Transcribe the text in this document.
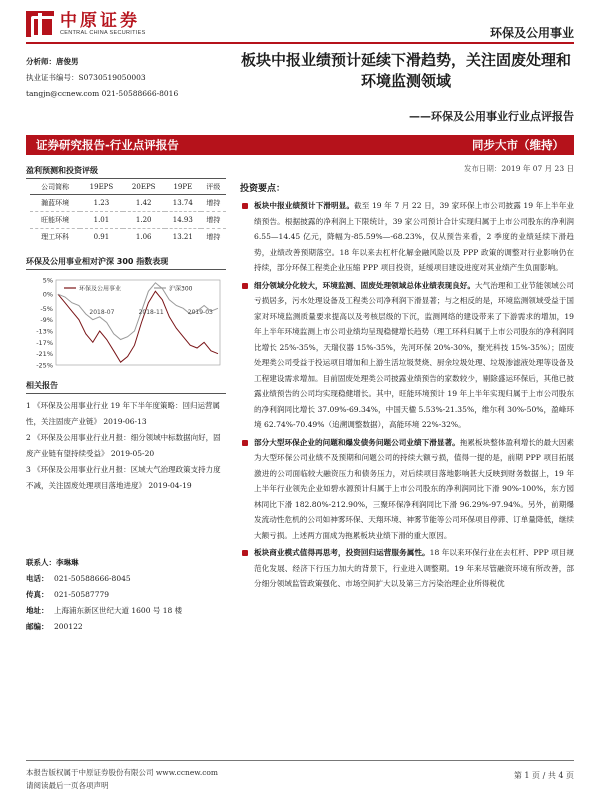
中原证券
CENTRAL CHINA SECURITIES	环保及公用事业
分析师：唐俊男
执业证书编号：S0730519050003
tangjn@ccnew.com 021-50588666-8016
板块中报业绩预计延续下滑趋势，关注固废处理和环境监测领域
——环保及公用事业行业点评报告
证券研究报告-行业点评报告	同步大市（维持）
发布日期：2019 年 07 月 23 日
盈利预测和投资评级
公司简称	19EPS	20EPS	19PE	评级
瀚蓝环境	1.23	1.42	13.74	增持
旺能环境	1.01	1.20	14.93	增持
理工环科	0.91	1.06	13.21	增持
环保及公用事业相对沪深 300 指数表现
5%
0%
-5%
-9%
-13%
-17%
-21%
-25%
环保及公用事业	沪深300
2018-07	2018-11	2019-03
相关报告

1 《环保及公用事业行业 19 年下半年度策略：回归运营属性，关注固废产业链》 2019-06-13

2 《环保及公用事业行业月报：细分领域中标数据向好，固废产业链有望持续受益》 2019-05-20

3 《环保及公用事业行业月报：区域大气治理政策支持力度不减，关注固废处理项目落地进度》 2019-04-19

联系人：李琳琳
电话： 021-50588666-8045
传真： 021-50587779
地址： 上海浦东新区世纪大道 1600 号 18 楼
邮编： 200122
投资要点：
板块中报业绩预计下滑明显。截至 19 年 7 月 22 日，39 家环保上市公司披露 19 年上半年业绩预告。根据披露的净利润上下限统计，39 家公司预计合计实现归属于上市公司股东的净利润 6.55—14.45 亿元，降幅为-85.59%—-68.23%，仅从预告来看，2 季度的业绩延续下滑趋势，业绩改善预期落空。18 年以来去杠杆化解金融风险以及 PPP 政策的调整对行业影响仍在持续，部分环保工程类企业压缩 PPP 项目投资，延缓项目建设进度对其业绩产生负面影响。
细分领域分化较大，环境监测、固废处理领域总体业绩表现良好。大气治理和工业节能领域公司亏损居多，污水处理设备及工程类公司净利润下滑显著；与之相反的是，环境监测领域受益于国家对环境监测质量要求提高以及考核层级的下沉，监测网络的建设带来了下游需求的增加，19 年上半年环境监测上市公司业绩均呈现稳健增长趋势（理工环科归属于上市公司股东的净利润同比增长 25%-35%，天瑞仪器 15%-35%，先河环保 20%-30%，聚光科技 15%-35%）；固废处理类公司受益于投运项目增加和上游生活垃圾焚烧、厨余垃圾处理、垃圾渗滤液处理等设备及工程建设需求增加。目前固废处理类公司披露业绩预告的家数较少，剔除盛运环保后，其他已披露业绩预告的公司均实现稳健增长。其中，旺能环境预计 19 年上半年实现归属于上市公司股东的净利润同比增长 37.09%-69.34%，中国天楹 5.53%-21.35%，维尔利 30%-50%，盈峰环境 62.74%-70.49%（追溯调整数据），高能环境 22%-32%。
部分大型环保企业的问题和爆发债务问题公司业绩下滑显著。拖累板块整体盈利增长的最大因素为大型环保公司业绩不及预期和问题公司的持续大额亏损，值得一提的是，前期 PPP 项目拓展激进的公司面临较大融资压力和债务压力，对后续项目落地影响甚大反映到财务数据上，19 年上半年行业领先企业如碧水源预计归属于上市公司股东的净利润同比下滑 90%-100%，东方园林同比下滑 182.80%-212.90%，三聚环保净利润同比下滑 96.29%-97.94%。另外，前期爆发流动性危机的公司如神雾环保、天翔环境、神雾节能等公司环保项目停滞、订单量降低，继续大额亏损。上述两方面成为拖累板块业绩下滑的重大原因。
板块商业模式值得再思考，投资回归运营服务属性。18 年以来环保行业在去杠杆、PPP 项目规范化发展、经济下行压力加大的背景下，行业进入调整期。19 年来尽管融资环境有所改善，部分细分领域监管政策强化、市场空间扩大以及第三方污染治理企业所得税优
本报告版权属于中原证券股份有限公司 www.ccnew.com
请阅读最后一页各项声明
第 1 页 / 共 4 页
